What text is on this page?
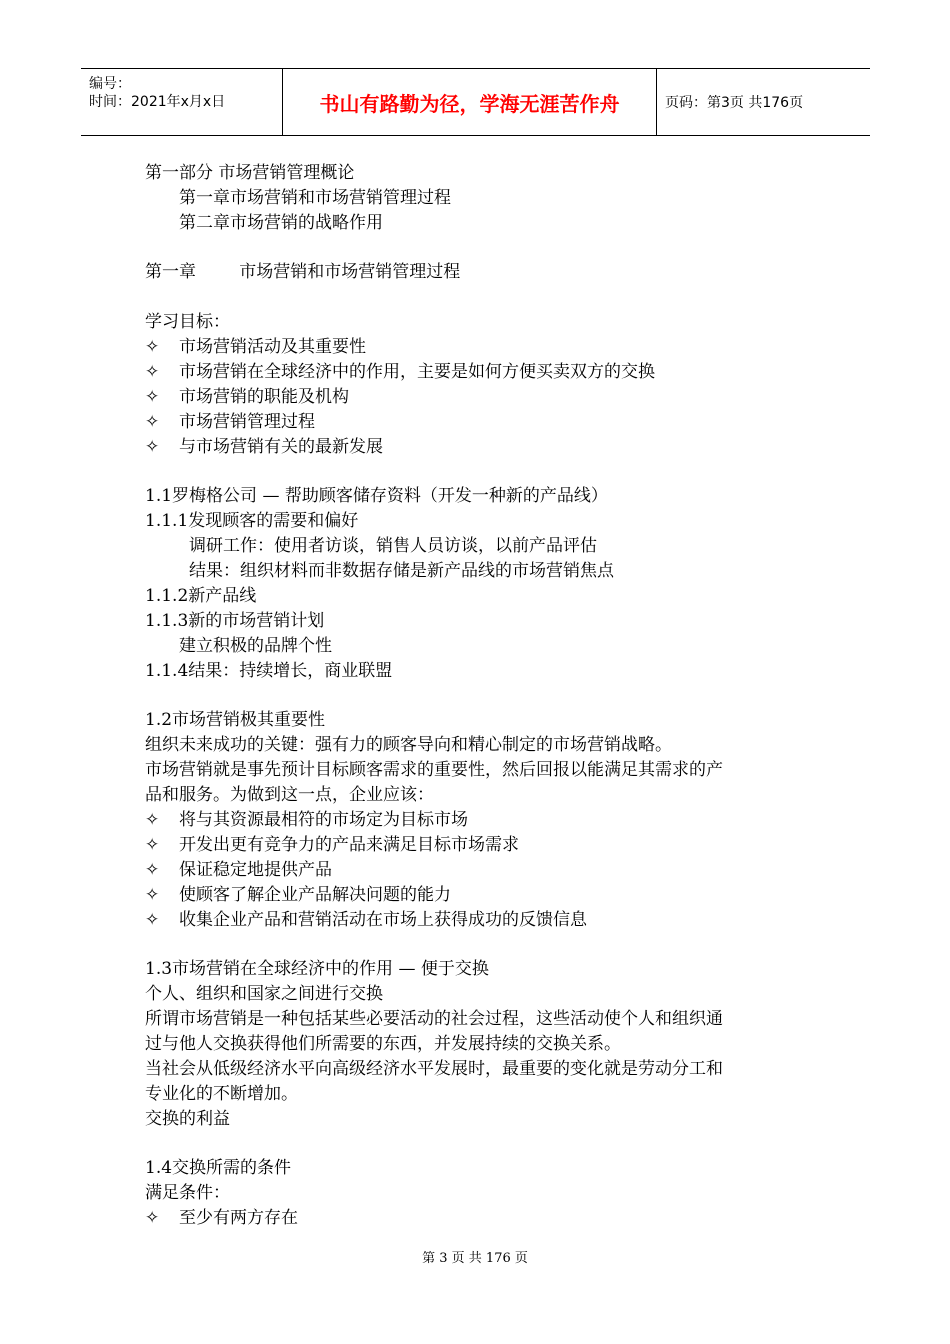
编号：
时间：2021年x月x日	书山有路勤为径，学海无涯苦作舟	页码：第3页 共176页
第一部分 市场营销管理概论
第一章市场营销和市场营销管理过程
第二章市场营销的战略作用
第一章        市场营销和市场营销管理过程
学习目标：
✧ 市场营销活动及其重要性
✧ 市场营销在全球经济中的作用，主要是如何方便买卖双方的交换
✧ 市场营销的职能及机构
✧ 市场营销管理过程
✧ 与市场营销有关的最新发展
1.1罗梅格公司 — 帮助顾客储存资料（开发一种新的产品线）
1.1.1发现顾客的需要和偏好
调研工作：使用者访谈，销售人员访谈，以前产品评估
结果：组织材料而非数据存储是新产品线的市场营销焦点
1.1.2新产品线
1.1.3新的市场营销计划
建立积极的品牌个性
1.1.4结果：持续增长，商业联盟
1.2市场营销极其重要性
组织未来成功的关键：强有力的顾客导向和精心制定的市场营销战略。
市场营销就是事先预计目标顾客需求的重要性，然后回报以能满足其需求的产
品和服务。为做到这一点，企业应该：
✧ 将与其资源最相符的市场定为目标市场
✧ 开发出更有竞争力的产品来满足目标市场需求
✧ 保证稳定地提供产品
✧ 使顾客了解企业产品解决问题的能力
✧ 收集企业产品和营销活动在市场上获得成功的反馈信息
1.3市场营销在全球经济中的作用 — 便于交换
个人、组织和国家之间进行交换
所谓市场营销是一种包括某些必要活动的社会过程，这些活动使个人和组织通
过与他人交换获得他们所需要的东西，并发展持续的交换关系。
当社会从低级经济水平向高级经济水平发展时，最重要的变化就是劳动分工和
专业化的不断增加。
交换的利益
1.4交换所需的条件
满足条件：
✧ 至少有两方存在
第 3 页 共 176 页
